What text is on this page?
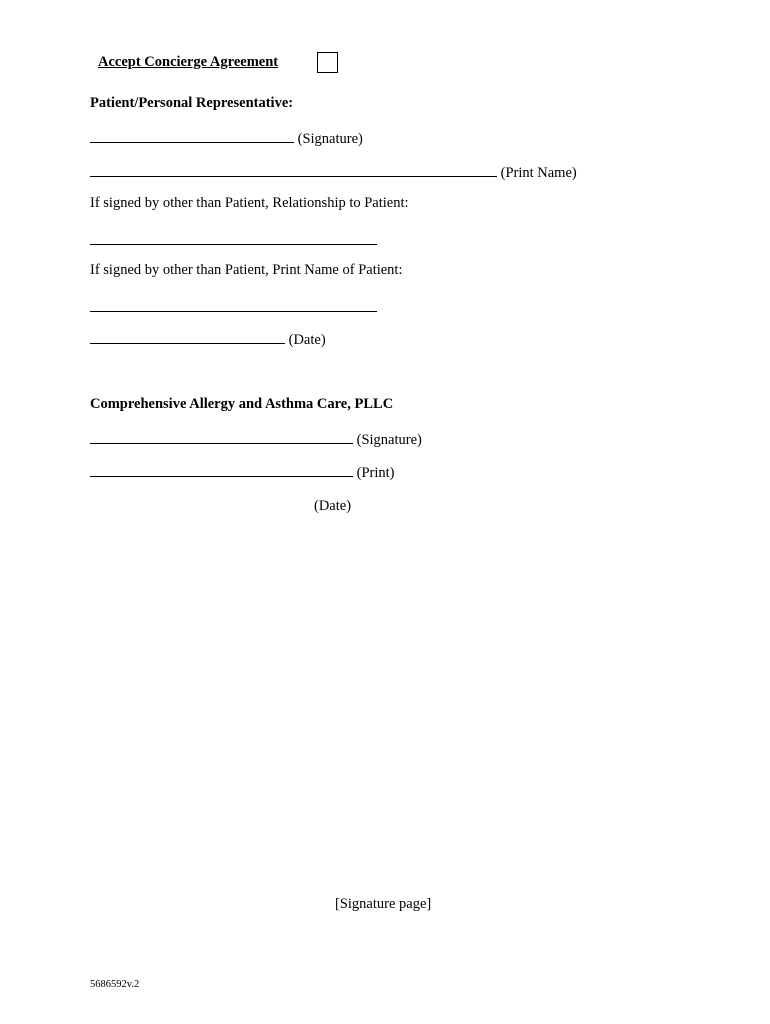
Accept Concierge Agreement
Patient/Personal Representative:
(Signature)
(Print Name)
If signed by other than Patient, Relationship to Patient:
If signed by other than Patient, Print Name of Patient:
(Date)
Comprehensive Allergy and Asthma Care, PLLC
(Signature)
(Print)
(Date)
[Signature page]
5686592v.2
